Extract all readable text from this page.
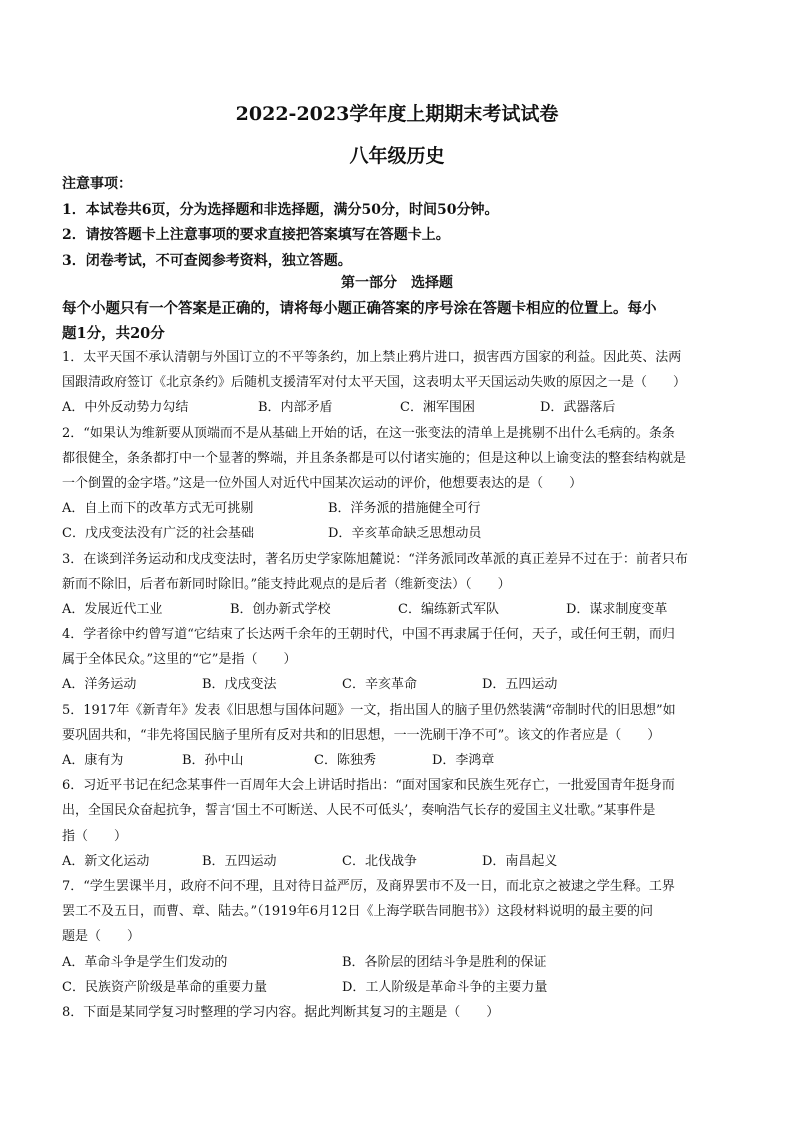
2022-2023学年度上期期末考试试卷
八年级历史
注意事项：
1．本试卷共6页，分为选择题和非选择题，满分50分，时间50分钟。
2．请按答题卡上注意事项的要求直接把答案填写在答题卡上。
3．闭卷考试，不可查阅参考资料，独立答题。
第一部分　选择题
每个小题只有一个答案是正确的，请将每小题正确答案的序号涂在答题卡相应的位置上。每小
题1分，共20分
1．太平天国不承认清朝与外国订立的不平等条约，加上禁止鸦片进口，损害西方国家的利益。因此英、法两
国跟清政府签订《北京条约》后随机支援清军对付太平天国，这表明太平天国运动失败的原因之一是（　　）
A．中外反动势力勾结	B．内部矛盾	C．湘军围困	D．武器落后
2．“如果认为维新要从顶端而不是从基础上开始的话，在这一张变法的清单上是挑剔不出什么毛病的。条条
都很健全，条条都打中一个显著的弊端，并且条条都是可以付诸实施的；但是这种以上谕变法的整套结构就是
一个倒置的金字塔。”这是一位外国人对近代中国某次运动的评价，他想要表达的是（　　）
A．自上而下的改革方式无可挑剔	B．洋务派的措施健全可行
C．戊戌变法没有广泛的社会基础	D．辛亥革命缺乏思想动员
3．在谈到洋务运动和戊戌变法时，著名历史学家陈旭麓说：“洋务派同改革派的真正差异不过在于：前者只布
新而不除旧，后者布新同时除旧。”能支持此观点的是后者（维新变法）（　　）
A．发展近代工业	B．创办新式学校	C．编练新式军队	D．谋求制度变革
4．学者徐中约曾写道“它结束了长达两千余年的王朝时代，中国不再隶属于任何，天子，或任何王朝，而归
属于全体民众。”这里的“它”是指（　　）
A．洋务运动	B．戊戌变法	C．辛亥革命	D．五四运动
5．1917年《新青年》发表《旧思想与国体问题》一文，指出国人的脑子里仍然装满“帝制时代的旧思想”如
要巩固共和，“非先将国民脑子里所有反对共和的旧思想，一一洗刷干净不可”。该文的作者应是（　　）
A．康有为	B．孙中山	C．陈独秀	D．李鸿章
6．习近平书记在纪念某事件一百周年大会上讲话时指出：“面对国家和民族生死存亡，一批爱国青年挺身而
出，全国民众奋起抗争，誓言‘国土不可断送、人民不可低头’，奏响浩气长存的爱国主义壮歌。”某事件是
指（　　）
A．新文化运动	B．五四运动	C．北伐战争	D．南昌起义
7．“学生罢课半月，政府不问不理，且对待日益严厉，及商界罢市不及一日，而北京之被逮之学生释。工界
罢工不及五日，而曹、章、陆去。”（1919年6月12日《上海学联告同胞书》）这段材料说明的最主要的问
题是（　　）
A．革命斗争是学生们发动的	B．各阶层的团结斗争是胜利的保证
C．民族资产阶级是革命的重要力量	D．工人阶级是革命斗争的主要力量
8．下面是某同学复习时整理的学习内容。据此判断其复习的主题是（　　）
